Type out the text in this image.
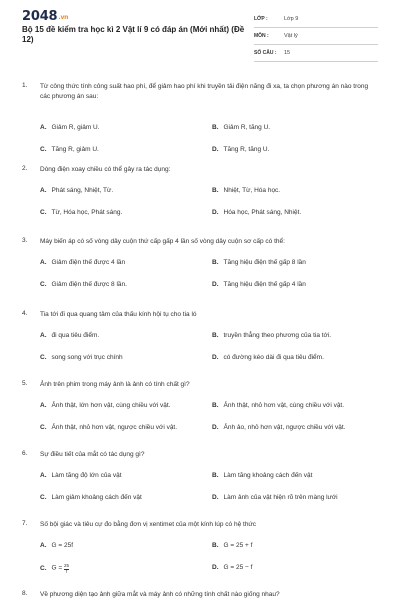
2048.vn
Bộ 15 đề kiểm tra học kì 2 Vật lí 9 có đáp án (Mới nhất) (Đề 12)
LỚP :	Lớp 9
MÔN :	Vật lý
SỐ CÂU : 15
1. Từ công thức tính công suất hao phí, để giảm hao phí khi truyền tải điện năng đi xa, ta chọn phương án nào trong các phương án sau:
A. Giảm R, giảm U.	B. Giảm R, tăng U.
C. Tăng R, giảm U.	D. Tăng R, tăng U.
2. Dòng điện xoay chiều có thể gây ra tác dụng:
A. Phát sáng, Nhiệt, Từ.	B. Nhiệt, Từ, Hóa học.
C. Từ, Hóa học, Phát sáng.	D. Hóa học, Phát sáng, Nhiệt.
3. Máy biến áp có số vòng dây cuộn thứ cấp gấp 4 lần số vòng dây cuộn sơ cấp có thể:
A. Giảm điện thế được 4 lần	B. Tăng hiệu điện thế gấp 8 lần
C. Giảm điện thế được 8 lần.	D. Tăng hiệu điện thế gấp 4 lần
4. Tia tới đi qua quang tâm của thấu kính hội tụ cho tia ló
A. đi qua tiêu điểm.	B. truyền thẳng theo phương của tia tới.
C. song song với trục chính	D. có đường kéo dài đi qua tiêu điểm.
5. Ảnh trên phim trong máy ảnh là ảnh có tính chất gì?
A. Ảnh thật, lớn hơn vật, cùng chiều với vật.	B. Ảnh thật, nhỏ hơn vật, cùng chiều với vật.
C. Ảnh thật, nhỏ hơn vật, ngược chiều với vật.	D. Ảnh ảo, nhỏ hơn vật, ngược chiều với vật.
6. Sự điều tiết của mắt có tác dụng gì?
A. Làm tăng độ lớn của vật	B. Làm tăng khoảng cách đến vật
C. Làm giảm khoảng cách đến vật	D. Làm ảnh của vật hiện rõ trên màng lưới
7. Số bội giác và tiêu cự đo bằng đơn vị xentimet của một kính lúp có hệ thức
A. G = 25f	B. G = 25 + f
C. $G = \frac{25}{f}$	D. G = 25 − f
8. Về phương diện tạo ảnh giữa mắt và máy ảnh có những tính chất nào giống nhau?
